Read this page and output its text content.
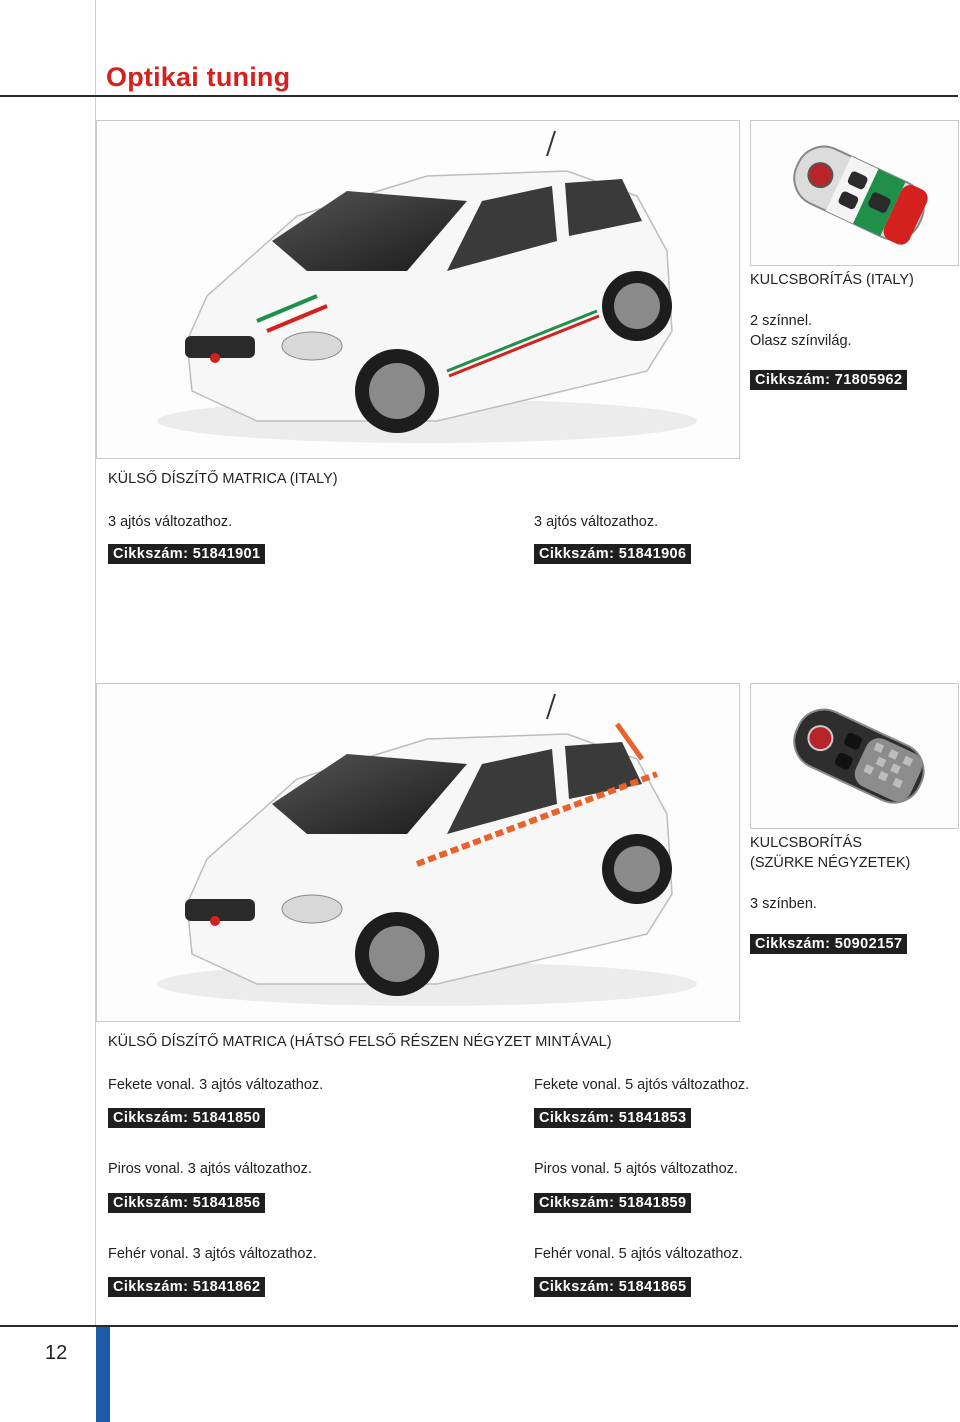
Optikai tuning
KULCSBORÍTÁS (ITALY)
2 színnel.
Olasz színvilág.
Cikkszám: 71805962
KÜLSŐ DÍSZÍTŐ MATRICA (ITALY)
3 ajtós változathoz.
Cikkszám: 51841901
3 ajtós változathoz.
Cikkszám: 51841906
KULCSBORÍTÁS
(SZÜRKE NÉGYZETEK)
3 színben.
Cikkszám: 50902157
KÜLSŐ DÍSZÍTŐ MATRICA (HÁTSÓ FELSŐ RÉSZEN NÉGYZET MINTÁVAL)
Fekete vonal. 3 ajtós változathoz.
Cikkszám: 51841850
Fekete vonal. 5 ajtós változathoz.
Cikkszám: 51841853
Piros vonal. 3 ajtós változathoz.
Cikkszám: 51841856
Piros vonal. 5 ajtós változathoz.
Cikkszám: 51841859
Fehér vonal. 3 ajtós változathoz.
Cikkszám: 51841862
Fehér vonal. 5 ajtós változathoz.
Cikkszám: 51841865
12
